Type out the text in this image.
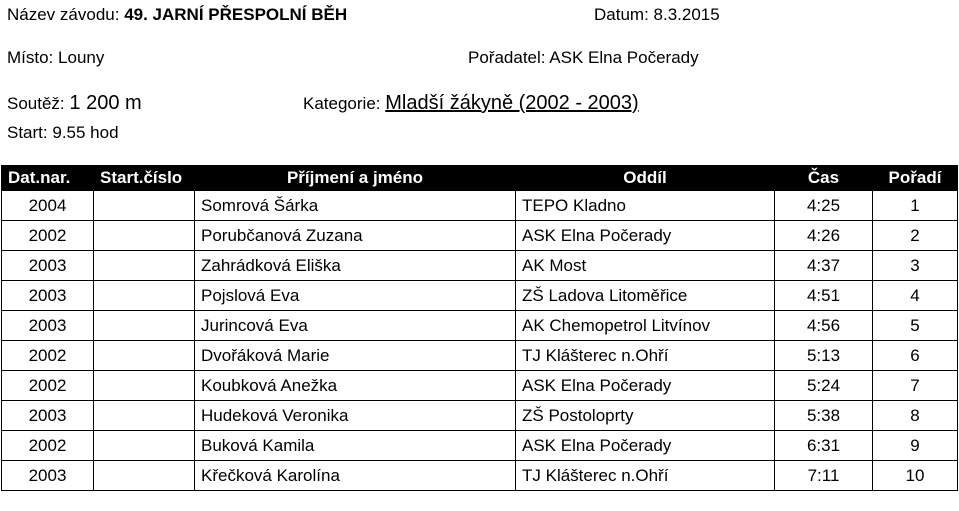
Název závodu: 49. JARNÍ PŘESPOLNÍ BĚH	Datum: 8.3.2015
Místo: Louny	Pořadatel: ASK Elna Počerady
Soutěž: 1 200 m	Kategorie: Mladší žákyně (2002 - 2003)
Start: 9.55 hod
Dat.nar.	Start.číslo	Příjmení a jméno	Oddíl	Čas	Pořadí
2004		Somrová Šárka	TEPO Kladno	4:25	1
2002		Porubčanová Zuzana	ASK Elna Počerady	4:26	2
2003		Zahrádková Eliška	AK Most	4:37	3
2003		Pojslová Eva	ZŠ Ladova Litoměřice	4:51	4
2003		Jurincová Eva	AK Chemopetrol Litvínov	4:56	5
2002		Dvořáková Marie	TJ Klášterec n.Ohří	5:13	6
2002		Koubková Anežka	ASK Elna Počerady	5:24	7
2003		Hudeková Veronika	ZŠ Postoloprty	5:38	8
2002		Buková Kamila	ASK Elna Počerady	6:31	9
2003		Křečková Karolína	TJ Klášterec n.Ohří	7:11	10
